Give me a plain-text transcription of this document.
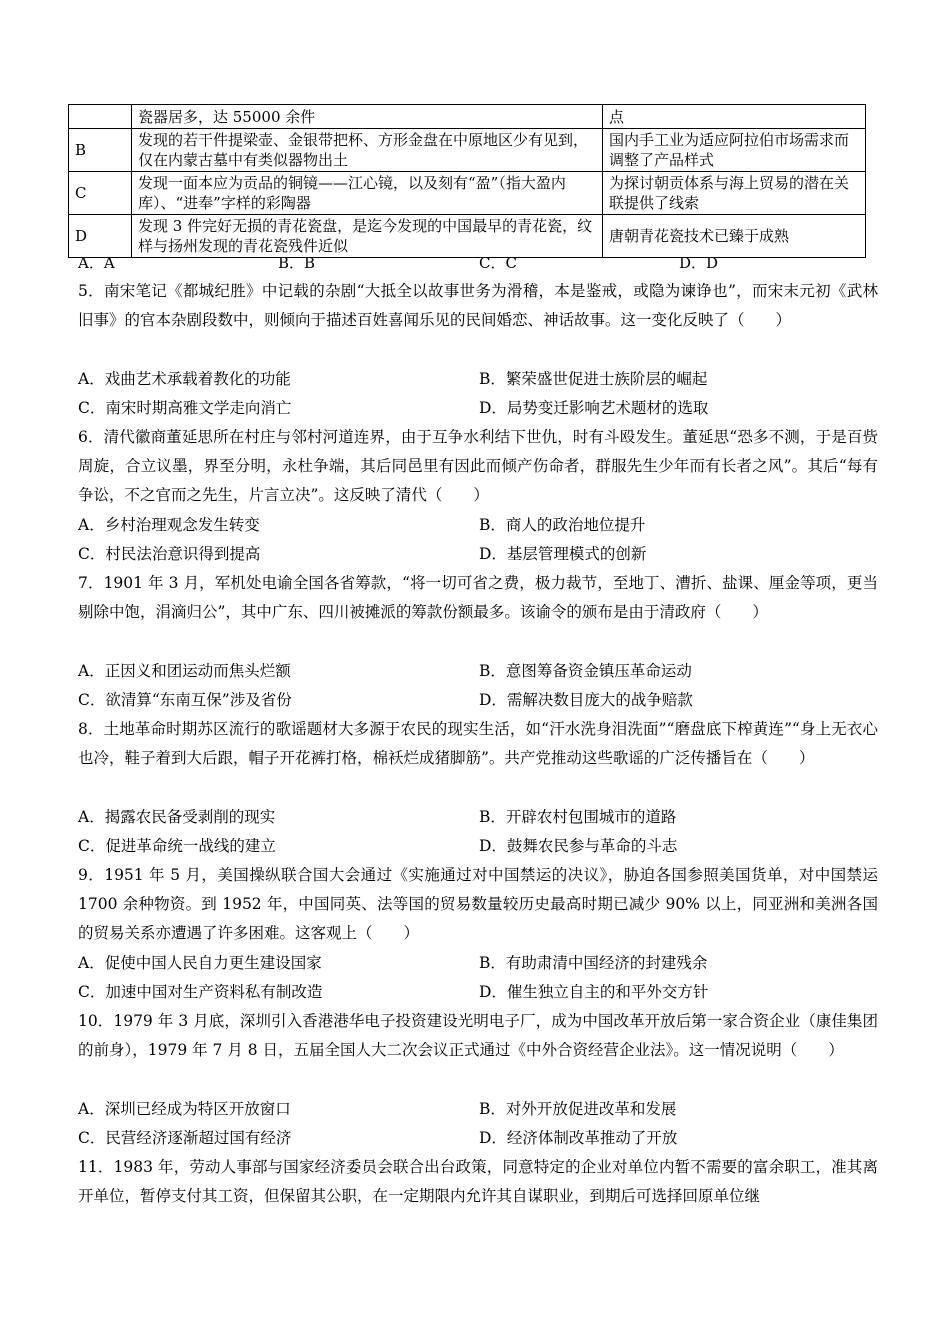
	瓷器居多，达 55000 余件	点
B	发现的若干件提梁壶、金银带把杯、方形金盘在中原地区少有见到，仅在内蒙古墓中有类似器物出土	国内手工业为适应阿拉伯市场需求而调整了产品样式
C	发现一面本应为贡品的铜镜——江心镜，以及刻有“盈”（指大盈内库）、“进奉”字样的彩陶器	为探讨朝贡体系与海上贸易的潜在关联提供了线索
D	发现 3 件完好无损的青花瓷盘，是迄今发现的中国最早的青花瓷，纹样与扬州发现的青花瓷残件近似	唐朝青花瓷技术已臻于成熟
A．A	B．B	C．C	D．D
5．南宋笔记《都城纪胜》中记载的杂剧“大抵全以故事世务为滑稽，本是鉴戒，或隐为谏诤也”，而宋末元初《武林旧事》的官本杂剧段数中，则倾向于描述百姓喜闻乐见的民间婚恋、神话故事。这一变化反映了（　　）
A．戏曲艺术承载着教化的功能	B．繁荣盛世促进士族阶层的崛起
C．南宋时期高雅文学走向消亡	D．局势变迁影响艺术题材的选取
6．清代徽商董延思所在村庄与邻村河道连界，由于互争水利结下世仇，时有斗殴发生。董延思“恐多不测，于是百赀周旋，合立议墨，界至分明，永杜争端，其后同邑里有因此而倾产伤命者，群服先生少年而有长者之风”。其后“每有争讼，不之官而之先生，片言立决”。这反映了清代（　　）
A．乡村治理观念发生转变	B．商人的政治地位提升
C．村民法治意识得到提高	D．基层管理模式的创新
7．1901 年 3 月，军机处电谕全国各省筹款，“将一切可省之费，极力裁节，至地丁、漕折、盐课、厘金等项，更当剔除中饱，涓滴归公”，其中广东、四川被摊派的筹款份额最多。该谕令的颁布是由于清政府（　　）
A．正因义和团运动而焦头烂额	B．意图筹备资金镇压革命运动
C．欲清算“东南互保”涉及省份	D．需解决数目庞大的战争赔款
8．土地革命时期苏区流行的歌谣题材大多源于农民的现实生活，如“汗水洗身泪洗面”“磨盘底下榨黄连”“身上无衣心也冷，鞋子着到大后跟，帽子开花裤打格，棉袄烂成猪脚筋”。共产党推动这些歌谣的广泛传播旨在（　　）
A．揭露农民备受剥削的现实	B．开辟农村包围城市的道路
C．促进革命统一战线的建立	D．鼓舞农民参与革命的斗志
9．1951 年 5 月，美国操纵联合国大会通过《实施通过对中国禁运的决议》，胁迫各国参照美国货单，对中国禁运 1700 余种物资。到 1952 年，中国同英、法等国的贸易数量较历史最高时期已减少 90% 以上，同亚洲和美洲各国的贸易关系亦遭遇了许多困难。这客观上（　　）
A．促使中国人民自力更生建设国家	B．有助肃清中国经济的封建残余
C．加速中国对生产资料私有制改造	D．催生独立自主的和平外交方针
10．1979 年 3 月底，深圳引入香港港华电子投资建设光明电子厂，成为中国改革开放后第一家合资企业（康佳集团的前身），1979 年 7 月 8 日，五届全国人大二次会议正式通过《中外合资经营企业法》。这一情况说明（　　）
A．深圳已经成为特区开放窗口	B．对外开放促进改革和发展
C．民营经济逐渐超过国有经济	D．经济体制改革推动了开放
11．1983 年，劳动人事部与国家经济委员会联合出台政策，同意特定的企业对单位内暂不需要的富余职工，准其离开单位，暂停支付其工资，但保留其公职，在一定期限内允许其自谋职业，到期后可选择回原单位继
